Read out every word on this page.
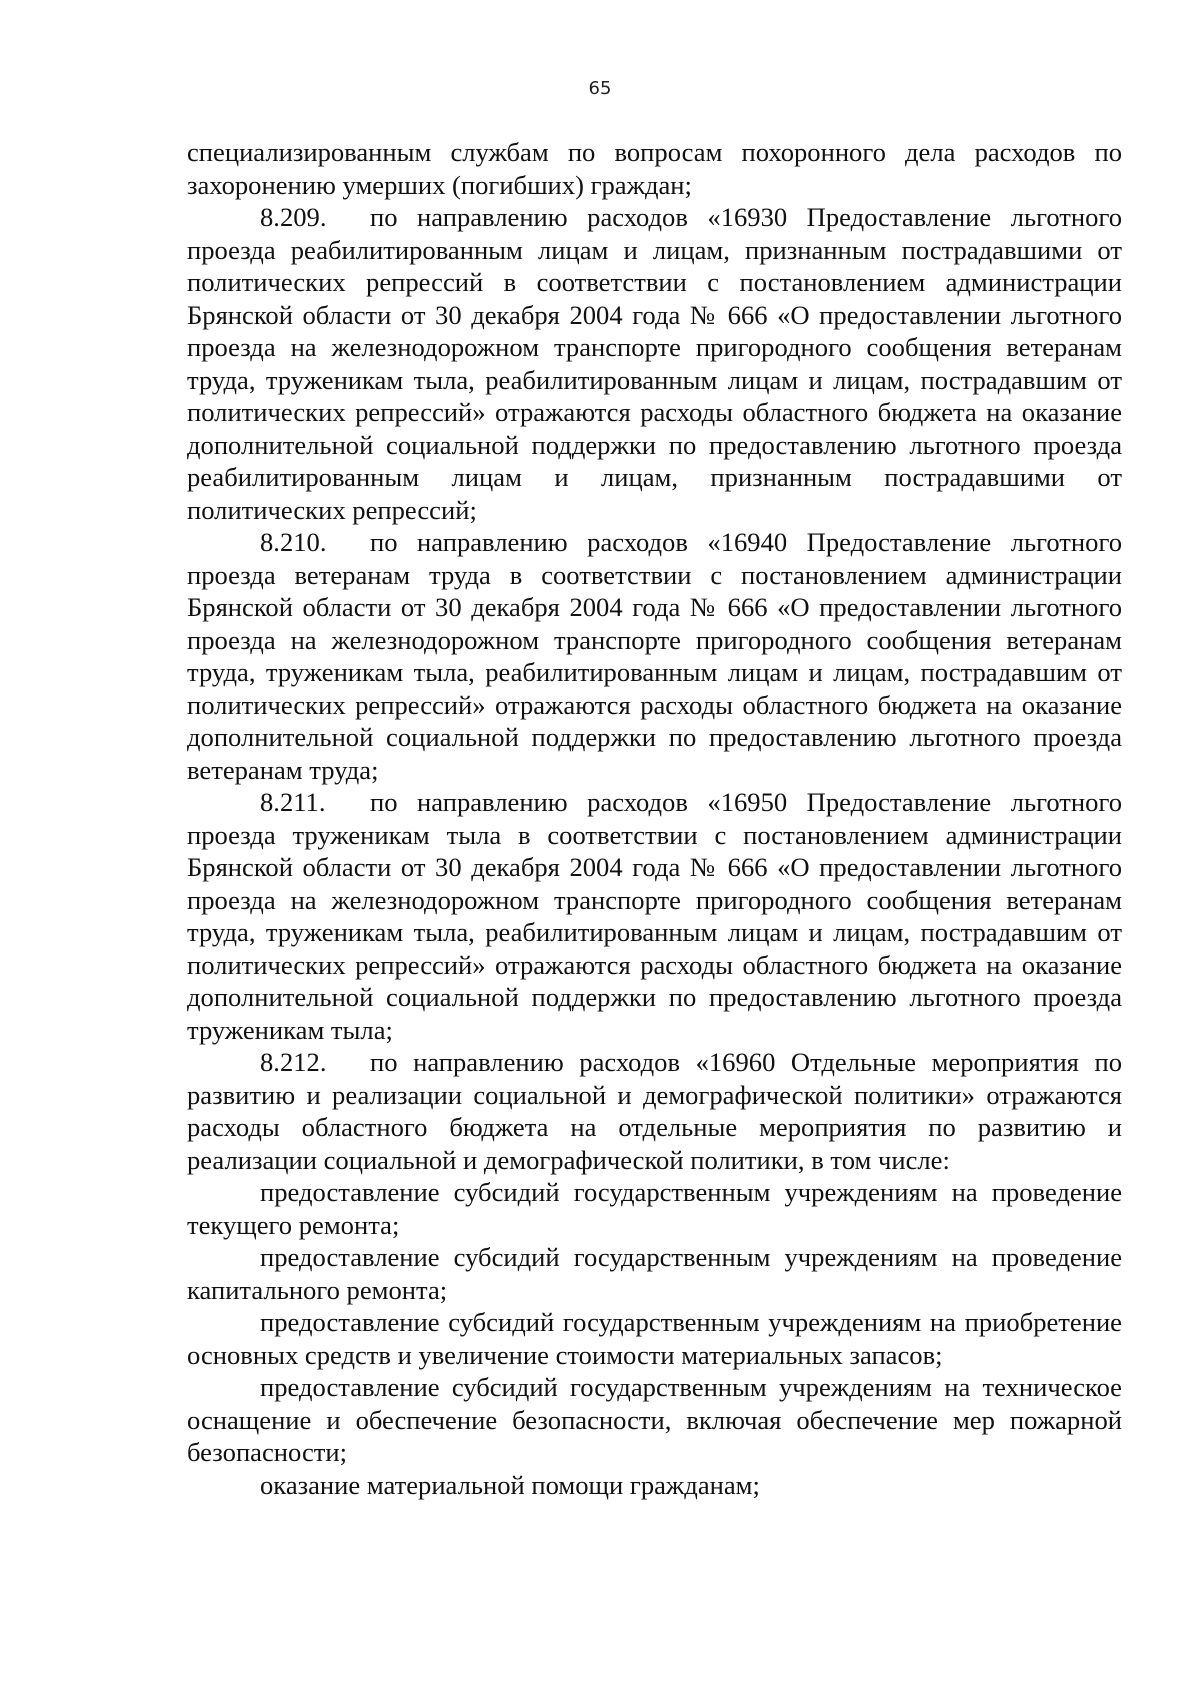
65

специализированным службам по вопросам похоронного дела расходов по захоронению умерших (погибших) граждан;

8.209. по направлению расходов «16930 Предоставление льготного проезда реабилитированным лицам и лицам, признанным пострадавшими от политических репрессий в соответствии с постановлением администрации Брянской области от 30 декабря 2004 года № 666 «О предоставлении льготного проезда на железнодорожном транспорте пригородного сообщения ветеранам труда, труженикам тыла, реабилитированным лицам и лицам, пострадавшим от политических репрессий» отражаются расходы областного бюджета на оказание дополнительной социальной поддержки по предоставлению льготного проезда реабилитированным лицам и лицам, признанным пострадавшими от политических репрессий;

8.210. по направлению расходов «16940 Предоставление льготного проезда ветеранам труда в соответствии с постановлением администрации Брянской области от 30 декабря 2004 года № 666 «О предоставлении льготного проезда на железнодорожном транспорте пригородного сообщения ветеранам труда, труженикам тыла, реабилитированным лицам и лицам, пострадавшим от политических репрессий» отражаются расходы областного бюджета на оказание дополнительной социальной поддержки по предоставлению льготного проезда ветеранам труда;

8.211. по направлению расходов «16950 Предоставление льготного проезда труженикам тыла в соответствии с постановлением администрации Брянской области от 30 декабря 2004 года № 666 «О предоставлении льготного проезда на железнодорожном транспорте пригородного сообщения ветеранам труда, труженикам тыла, реабилитированным лицам и лицам, пострадавшим от политических репрессий» отражаются расходы областного бюджета на оказание дополнительной социальной поддержки по предоставлению льготного проезда труженикам тыла;

8.212. по направлению расходов «16960 Отдельные мероприятия по развитию и реализации социальной и демографической политики» отражаются расходы областного бюджета на отдельные мероприятия по развитию и реализации социальной и демографической политики, в том числе:

предоставление субсидий государственным учреждениям на проведение текущего ремонта;

предоставление субсидий государственным учреждениям на проведение капитального ремонта;

предоставление субсидий государственным учреждениям на приобретение основных средств и увеличение стоимости материальных запасов;

предоставление субсидий государственным учреждениям на техническое оснащение и обеспечение безопасности, включая обеспечение мер пожарной безопасности;

оказание материальной помощи гражданам;
